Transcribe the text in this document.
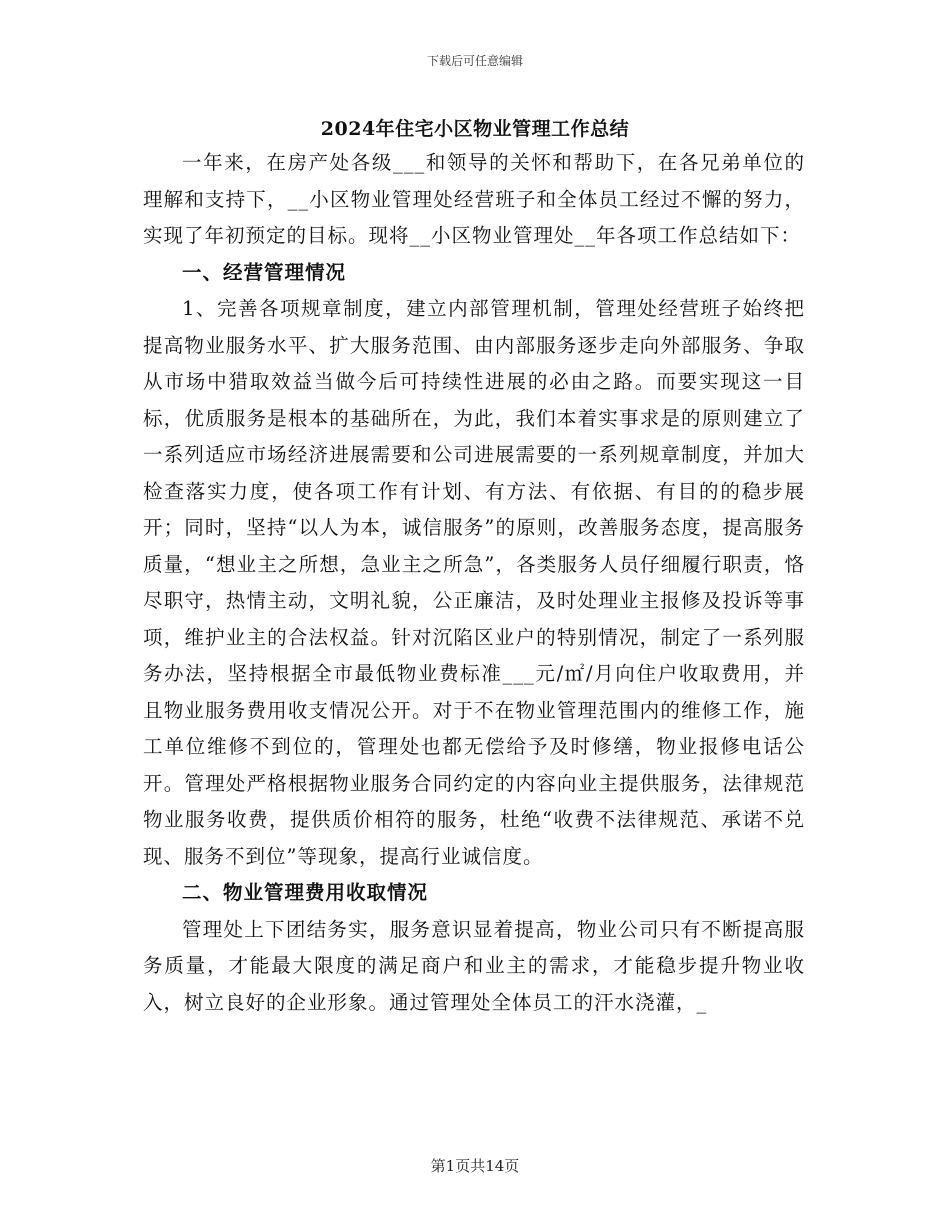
下载后可任意编辑
2024年住宅小区物业管理工作总结

一年来，在房产处各级___和领导的关怀和帮助下，在各兄弟单位的理解和支持下，__小区物业管理处经营班子和全体员工经过不懈的努力，实现了年初预定的目标。现将__小区物业管理处__年各项工作总结如下：

一、经营管理情况

1、完善各项规章制度，建立内部管理机制，管理处经营班子始终把提高物业服务水平、扩大服务范围、由内部服务逐步走向外部服务、争取从市场中猎取效益当做今后可持续性进展的必由之路。而要实现这一目标，优质服务是根本的基础所在，为此，我们本着实事求是的原则建立了一系列适应市场经济进展需要和公司进展需要的一系列规章制度，并加大检查落实力度，使各项工作有计划、有方法、有依据、有目的的稳步展开；同时，坚持“以人为本，诚信服务”的原则，改善服务态度，提高服务质量，“想业主之所想，急业主之所急”，各类服务人员仔细履行职责，恪尽职守，热情主动，文明礼貌，公正廉洁，及时处理业主报修及投诉等事项，维护业主的合法权益。针对沉陷区业户的特别情况，制定了一系列服务办法，坚持根据全市最低物业费标准___元/㎡/月向住户收取费用，并且物业服务费用收支情况公开。对于不在物业管理范围内的维修工作，施工单位维修不到位的，管理处也都无偿给予及时修缮，物业报修电话公开。管理处严格根据物业服务合同约定的内容向业主提供服务，法律规范物业服务收费，提供质价相符的服务，杜绝“收费不法律规范、承诺不兑现、服务不到位”等现象，提高行业诚信度。

二、物业管理费用收取情况

管理处上下团结务实，服务意识显着提高，物业公司只有不断提高服务质量，才能最大限度的满足商户和业主的需求，才能稳步提升物业收入，树立良好的企业形象。通过管理处全体员工的汗水浇灌，_

第1页共14页
